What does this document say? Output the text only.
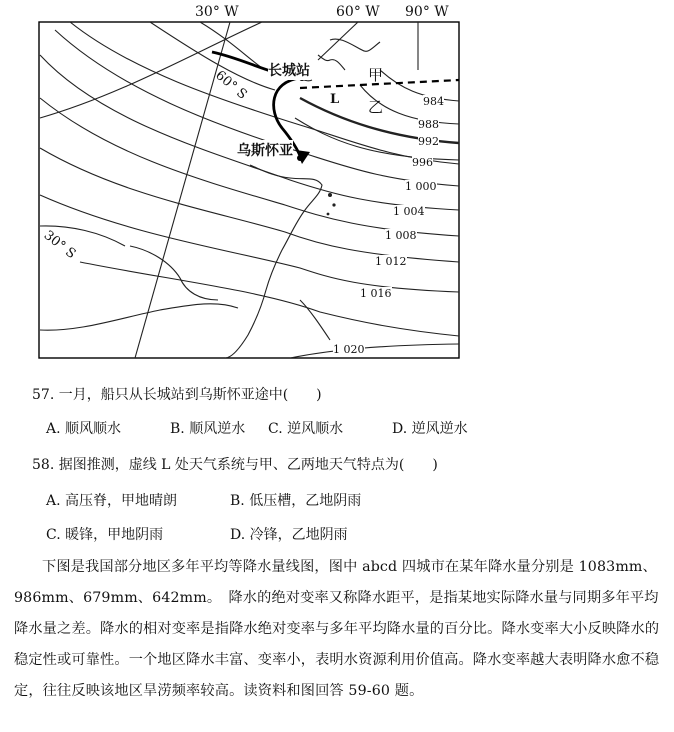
30° W	60° W 90° W
60° S
30° S
长城站
乌斯怀亚
甲
乙
L	984
988
992
996
1 000
1 004
1 008
1 012
1 016
1 020
57. 一月，船只从长城站到乌斯怀亚途中(　　)
A. 顺风顺水	B. 顺风逆水 C. 逆风顺水	D. 逆风逆水
58. 据图推测，虚线 L 处天气系统与甲、乙两地天气特点为(　　)
A. 高压脊，甲地晴朗	B. 低压槽，乙地阴雨
C. 暖锋，甲地阴雨	D. 冷锋，乙地阴雨
下图是我国部分地区多年平均等降水量线图，图中 abcd 四城市在某年降水量分别是 1083mm、986mm、679mm、642mm。　降水的绝对变率又称降水距平，是指某地实际降水量与同期多年平均降水量之差。降水的相对变率是指降水绝对变率与多年平均降水量的百分比。降水变率大小反映降水的稳定性或可靠性。一个地区降水丰富、变率小，表明水资源利用价值高。降水变率越大表明降水愈不稳定，往往反映该地区旱涝频率较高。读资料和图回答 59-60 题。
